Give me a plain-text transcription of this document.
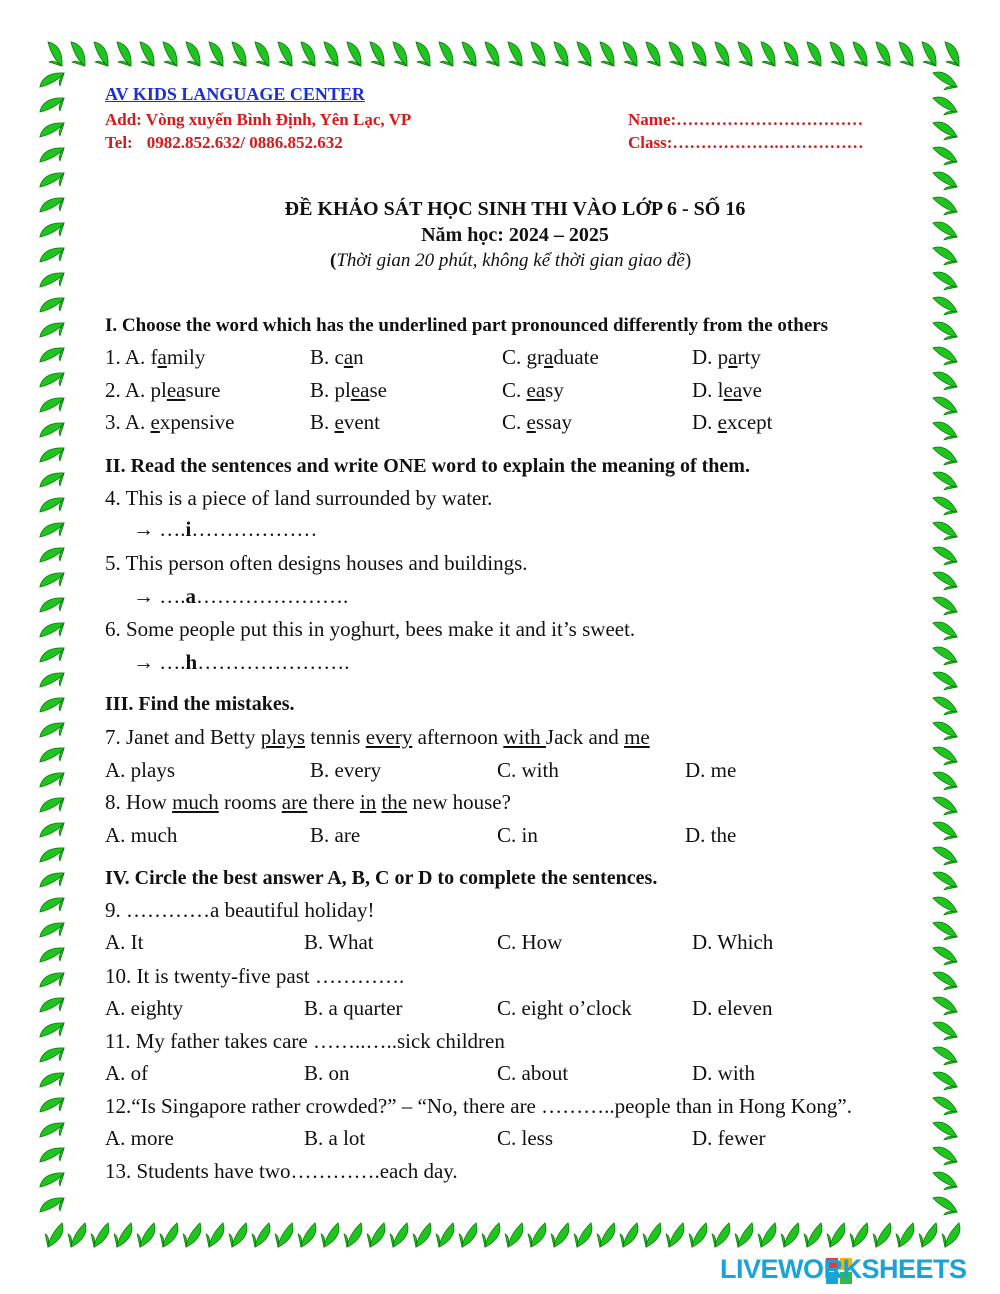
AV KIDS LANGUAGE CENTER
Add: Vòng xuyến Bình Định, Yên Lạc, VP
Tel: 0982.852.632/ 0886.852.632
Name:……………………………
Class:……………….……………
ĐỀ KHẢO SÁT HỌC SINH THI VÀO LỚP 6 - SỐ 16
Năm học: 2024 – 2025
(Thời gian 20 phút, không kể thời gian giao đề)
I. Choose the word which has the underlined part pronounced differently from the others
1. A. family	B. can	C. graduate	D. party
2. A. pleasure	B. please	C. easy	D. leave
3. A. expensive	B. event	C. essay	D. except
II. Read the sentences and write ONE word to explain the meaning of them.
4. This is a piece of land surrounded by water.
→ ….i………………
5. This person often designs houses and buildings.
→ ….a………………….
6. Some people put this in yoghurt, bees make it and it’s sweet.
→ ….h………………….
III. Find the mistakes.
7. Janet and Betty plays tennis every afternoon with Jack and me
A. plays	B. every	C. with	D. me
8. How much rooms are there in the new house?
A. much	B. are	C. in	D. the
IV. Circle the best answer A, B, C or D to complete the sentences.
9. …………a beautiful holiday!
A. It	B. What	C. How	D. Which
10. It is twenty-five past ………….
A. eighty	B. a quarter	C. eight o’clock	D. eleven
11. My father takes care ……..…..sick children
A. of	B. on	C. about	D. with
12.“Is Singapore rather crowded?” – “No, there are ………..people than in Hong Kong”.
A. more	B. a lot	C. less	D. fewer
13. Students have two………….each day.
LIVEWORKSHEETS
